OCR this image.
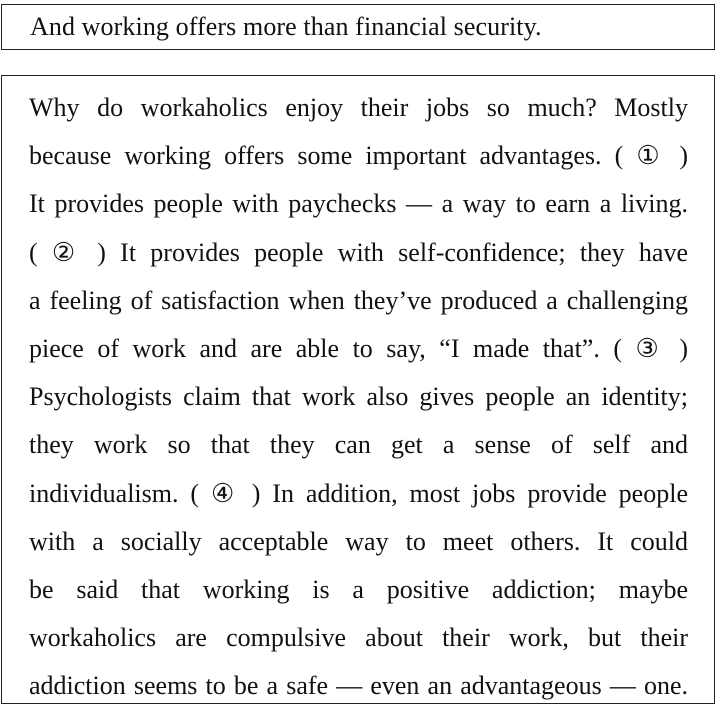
And working offers more than financial security.
Why do workaholics enjoy their jobs so much? Mostly
because working offers some important advantages. ( ① )
It provides people with paychecks — a way to earn a living.
( ② ) It provides people with self-confidence; they have
a feeling of satisfaction when they’ve produced a challenging
piece of work and are able to say, “I made that”. ( ③ )
Psychologists claim that work also gives people an identity;
they work so that they can get a sense of self and
individualism. ( ④ ) In addition, most jobs provide people
with a socially acceptable way to meet others. It could
be said that working is a positive addiction; maybe
workaholics are compulsive about their work, but their
addiction seems to be a safe — even an advantageous — one.
